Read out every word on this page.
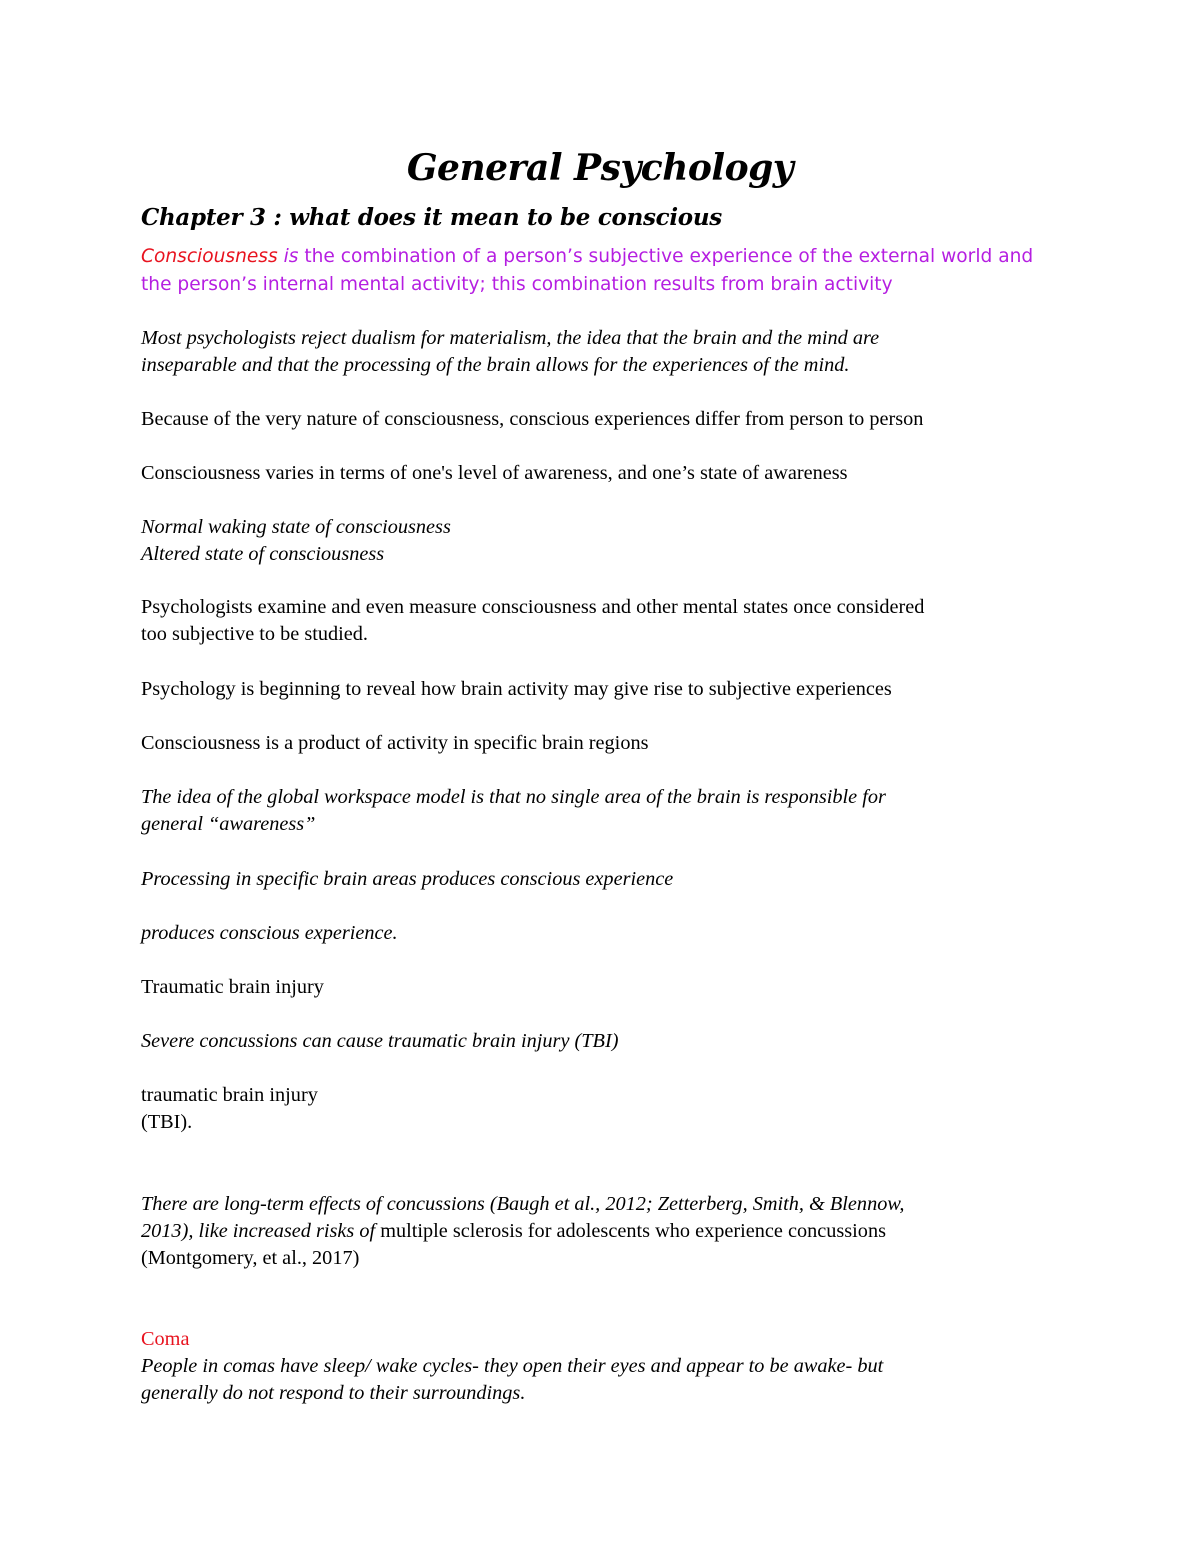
General Psychology
Chapter 3 : what does it mean to be conscious

Consciousness is the combination of a person’s subjective experience of the external world and

the person’s internal mental activity; this combination results from brain activity

Most psychologists reject dualism for materialism, the idea that the brain and the mind are

inseparable and that the processing of the brain allows for the experiences of the mind.

Because of the very nature of consciousness, conscious experiences differ from person to person

Consciousness varies in terms of one's level of awareness, and one’s state of awareness

Normal waking state of consciousness

Altered state of consciousness

Psychologists examine and even measure consciousness and other mental states once considered

too subjective to be studied.

Psychology is beginning to reveal how brain activity may give rise to subjective experiences

Consciousness is a product of activity in specific brain regions

The idea of the global workspace model is that no single area of the brain is responsible for

general “awareness”

Processing in specific brain areas produces conscious experience

produces conscious experience.

Traumatic brain injury

Severe concussions can cause traumatic brain injury (TBI)

traumatic brain injury

(TBI).

There are long-term effects of concussions (Baugh et al., 2012; Zetterberg, Smith, & Blennow,

2013), like increased risks of multiple sclerosis for adolescents who experience concussions

(Montgomery, et al., 2017)

Coma

People in comas have sleep/ wake cycles- they open their eyes and appear to be awake- but

generally do not respond to their surroundings.
